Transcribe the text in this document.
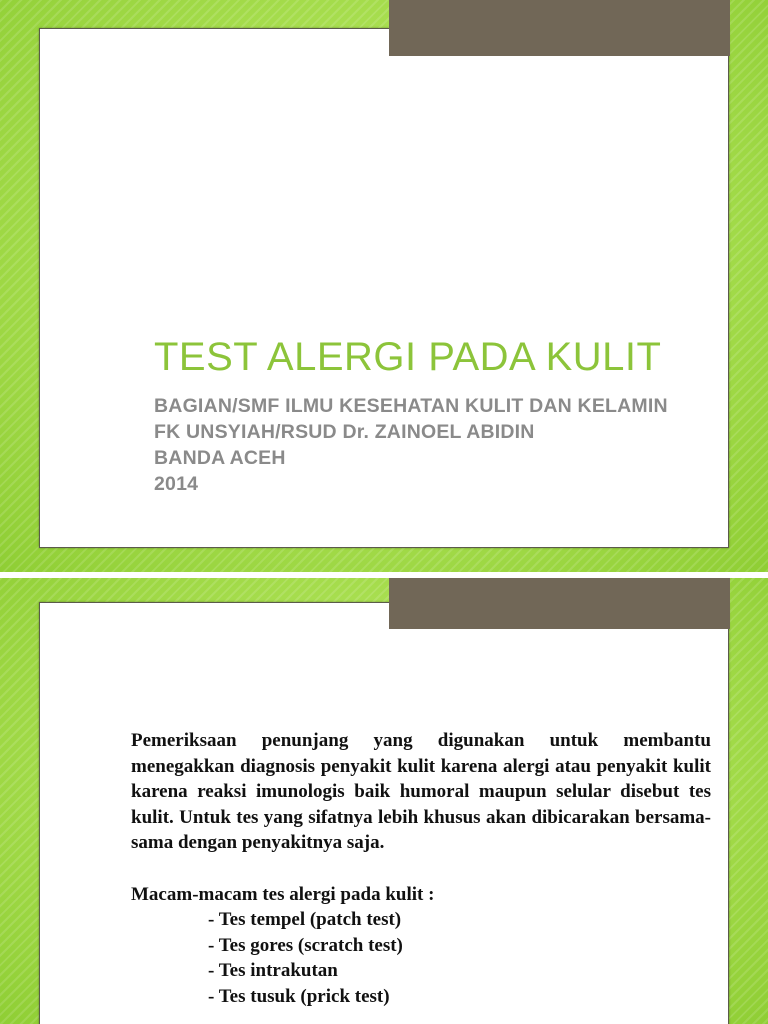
TEST ALERGI PADA KULIT
BAGIAN/SMF ILMU KESEHATAN KULIT DAN KELAMIN
FK UNSYIAH/RSUD Dr. ZAINOEL ABIDIN
BANDA ACEH
2014

Pemeriksaan penunjang yang digunakan untuk membantu menegakkan diagnosis penyakit kulit karena alergi atau penyakit kulit karena reaksi imunologis baik humoral maupun selular disebut tes kulit. Untuk tes yang sifatnya lebih khusus akan dibicarakan bersama-sama dengan penyakitnya saja.

Macam-macam tes alergi pada kulit :

- Tes tempel (patch test)
- Tes gores (scratch test)
- Tes intrakutan
- Tes tusuk (prick test)
